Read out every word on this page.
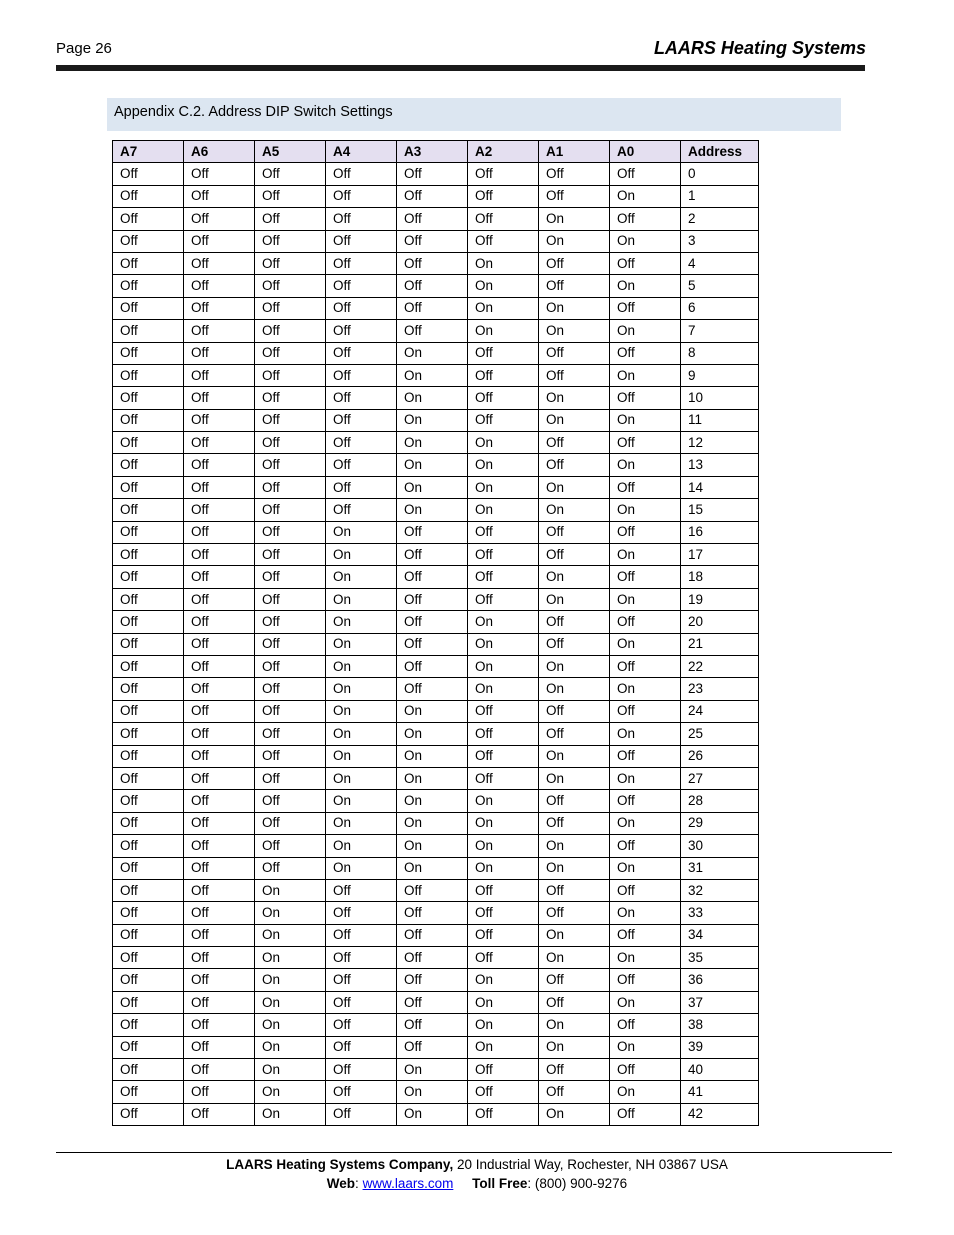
Page 26	LAARS Heating Systems
Appendix C.2. Address DIP Switch Settings
A7	A6	A5	A4	A3	A2	A1	A0	Address
Off	Off	Off	Off	Off	Off	Off	Off	0
Off	Off	Off	Off	Off	Off	Off	On	1
Off	Off	Off	Off	Off	Off	On	Off	2
Off	Off	Off	Off	Off	Off	On	On	3
Off	Off	Off	Off	Off	On	Off	Off	4
Off	Off	Off	Off	Off	On	Off	On	5
Off	Off	Off	Off	Off	On	On	Off	6
Off	Off	Off	Off	Off	On	On	On	7
Off	Off	Off	Off	On	Off	Off	Off	8
Off	Off	Off	Off	On	Off	Off	On	9
Off	Off	Off	Off	On	Off	On	Off	10
Off	Off	Off	Off	On	Off	On	On	11
Off	Off	Off	Off	On	On	Off	Off	12
Off	Off	Off	Off	On	On	Off	On	13
Off	Off	Off	Off	On	On	On	Off	14
Off	Off	Off	Off	On	On	On	On	15
Off	Off	Off	On	Off	Off	Off	Off	16
Off	Off	Off	On	Off	Off	Off	On	17
Off	Off	Off	On	Off	Off	On	Off	18
Off	Off	Off	On	Off	Off	On	On	19
Off	Off	Off	On	Off	On	Off	Off	20
Off	Off	Off	On	Off	On	Off	On	21
Off	Off	Off	On	Off	On	On	Off	22
Off	Off	Off	On	Off	On	On	On	23
Off	Off	Off	On	On	Off	Off	Off	24
Off	Off	Off	On	On	Off	Off	On	25
Off	Off	Off	On	On	Off	On	Off	26
Off	Off	Off	On	On	Off	On	On	27
Off	Off	Off	On	On	On	Off	Off	28
Off	Off	Off	On	On	On	Off	On	29
Off	Off	Off	On	On	On	On	Off	30
Off	Off	Off	On	On	On	On	On	31
Off	Off	On	Off	Off	Off	Off	Off	32
Off	Off	On	Off	Off	Off	Off	On	33
Off	Off	On	Off	Off	Off	On	Off	34
Off	Off	On	Off	Off	Off	On	On	35
Off	Off	On	Off	Off	On	Off	Off	36
Off	Off	On	Off	Off	On	Off	On	37
Off	Off	On	Off	Off	On	On	Off	38
Off	Off	On	Off	Off	On	On	On	39
Off	Off	On	Off	On	Off	Off	Off	40
Off	Off	On	Off	On	Off	Off	On	41
Off	Off	On	Off	On	Off	On	Off	42
LAARS Heating Systems Company, 20 Industrial Way, Rochester, NH 03867 USA
Web: www.laars.com Toll Free: (800) 900-9276
